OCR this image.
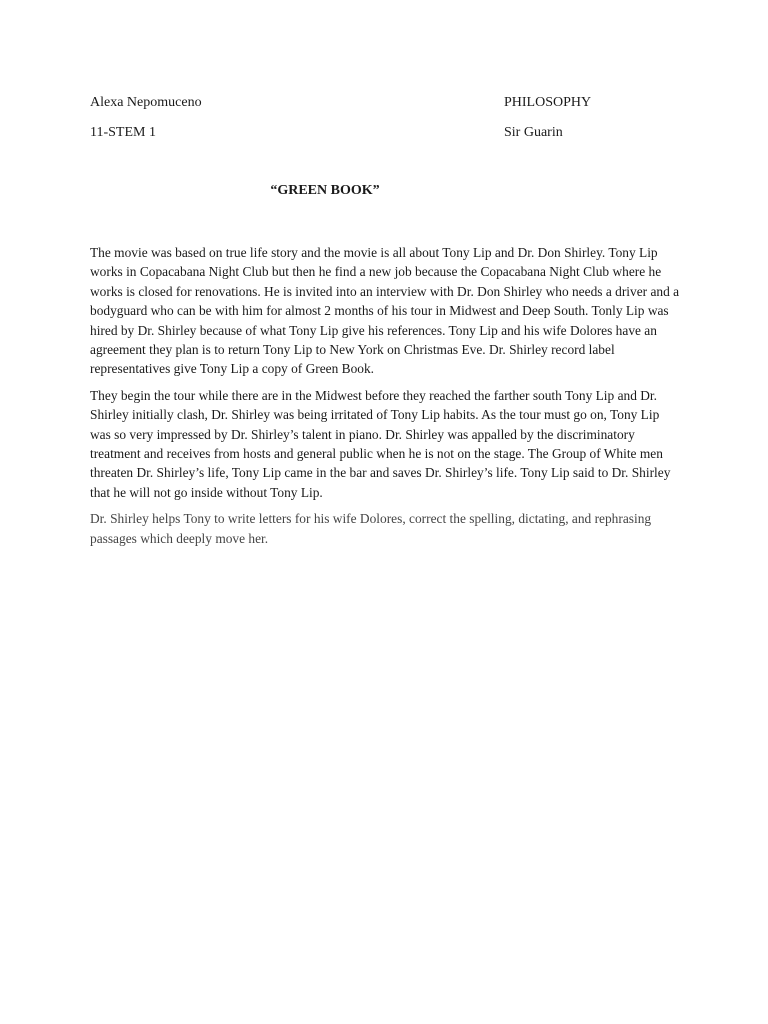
Alexa Nepomuceno	PHILOSOPHY
11-STEM 1	Sir Guarin
“GREEN BOOK”

The movie was based on true life story and the movie is all about Tony Lip and Dr. Don Shirley. Tony Lip works in Copacabana Night Club but then he find a new job because the Copacabana Night Club where he works is closed for renovations. He is invited into an interview with Dr. Don Shirley who needs a driver and a bodyguard who can be with him for almost 2 months of his tour in Midwest and Deep South. Tonly Lip was hired by Dr. Shirley because of what Tony Lip give his references. Tony Lip and his wife Dolores have an agreement they plan is to return Tony Lip to New York on Christmas Eve. Dr. Shirley record label representatives give Tony Lip a copy of Green Book.

They begin the tour while there are in the Midwest before they reached the farther south Tony Lip and Dr. Shirley initially clash, Dr. Shirley was being irritated of Tony Lip habits. As the tour must go on, Tony Lip was so very impressed by Dr. Shirley’s talent in piano. Dr. Shirley was appalled by the discriminatory treatment and receives from hosts and general public when he is not on the stage. The Group of White men threaten Dr. Shirley’s life, Tony Lip came in the bar and saves Dr. Shirley’s life. Tony Lip said to Dr. Shirley that he will not go inside without Tony Lip.

Dr. Shirley helps Tony to write letters for his wife Dolores, correct the spelling, dictating, and rephrasing passages which deeply move her.
